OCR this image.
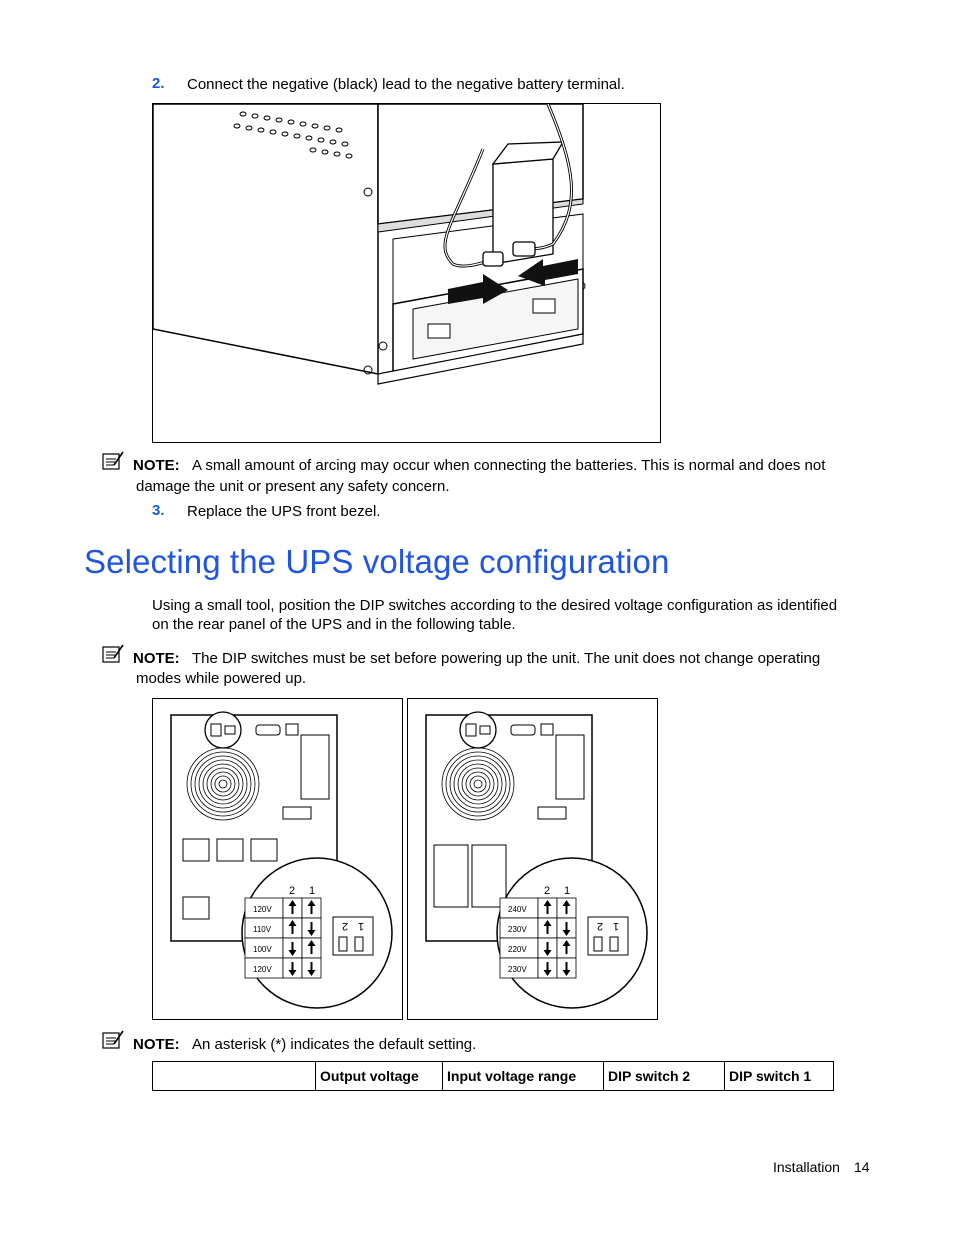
2. Connect the negative (black) lead to the negative battery terminal.
NOTE: A small amount of arcing may occur when connecting the batteries. This is normal and does not
damage the unit or present any safety concern.
3. Replace the UPS front bezel.
Selecting the UPS voltage configuration
Using a small tool, position the DIP switches according to the desired voltage configuration as identified
on the rear panel of the UPS and in the following table.
NOTE: The DIP switches must be set before powering up the unit. The unit does not change operating
modes while powered up.
2 1
120V
110V
100V
120V
2 1
2 1
240V
230V
220V
230V
2 1
NOTE: An asterisk (*) indicates the default setting.
	Output voltage	Input voltage range	DIP switch 2	DIP switch 1
Installation 14
